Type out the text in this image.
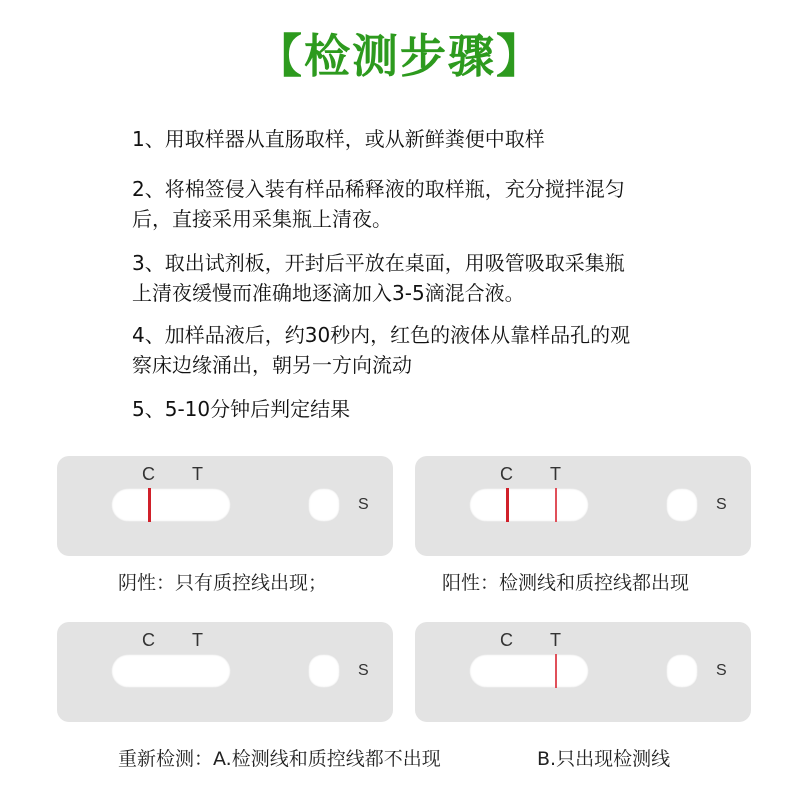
【检测步骤】
1、用取样器从直肠取样，或从新鲜粪便中取样
2、将棉签侵入装有样品稀释液的取样瓶，充分搅拌混匀
后，直接采用采集瓶上清夜。
3、取出试剂板，开封后平放在桌面，用吸管吸取采集瓶
上清夜缓慢而准确地逐滴加入3-5滴混合液。
4、加样品液后，约30秒内，红色的液体从靠样品孔的观
察床边缘涌出，朝另一方向流动
5、5-10分钟后判定结果
C T
S
C T
S
阴性：只有质控线出现；	阳性：检测线和质控线都出现
C T
S
C T
S
重新检测：A.检测线和质控线都不出现	B.只出现检测线
